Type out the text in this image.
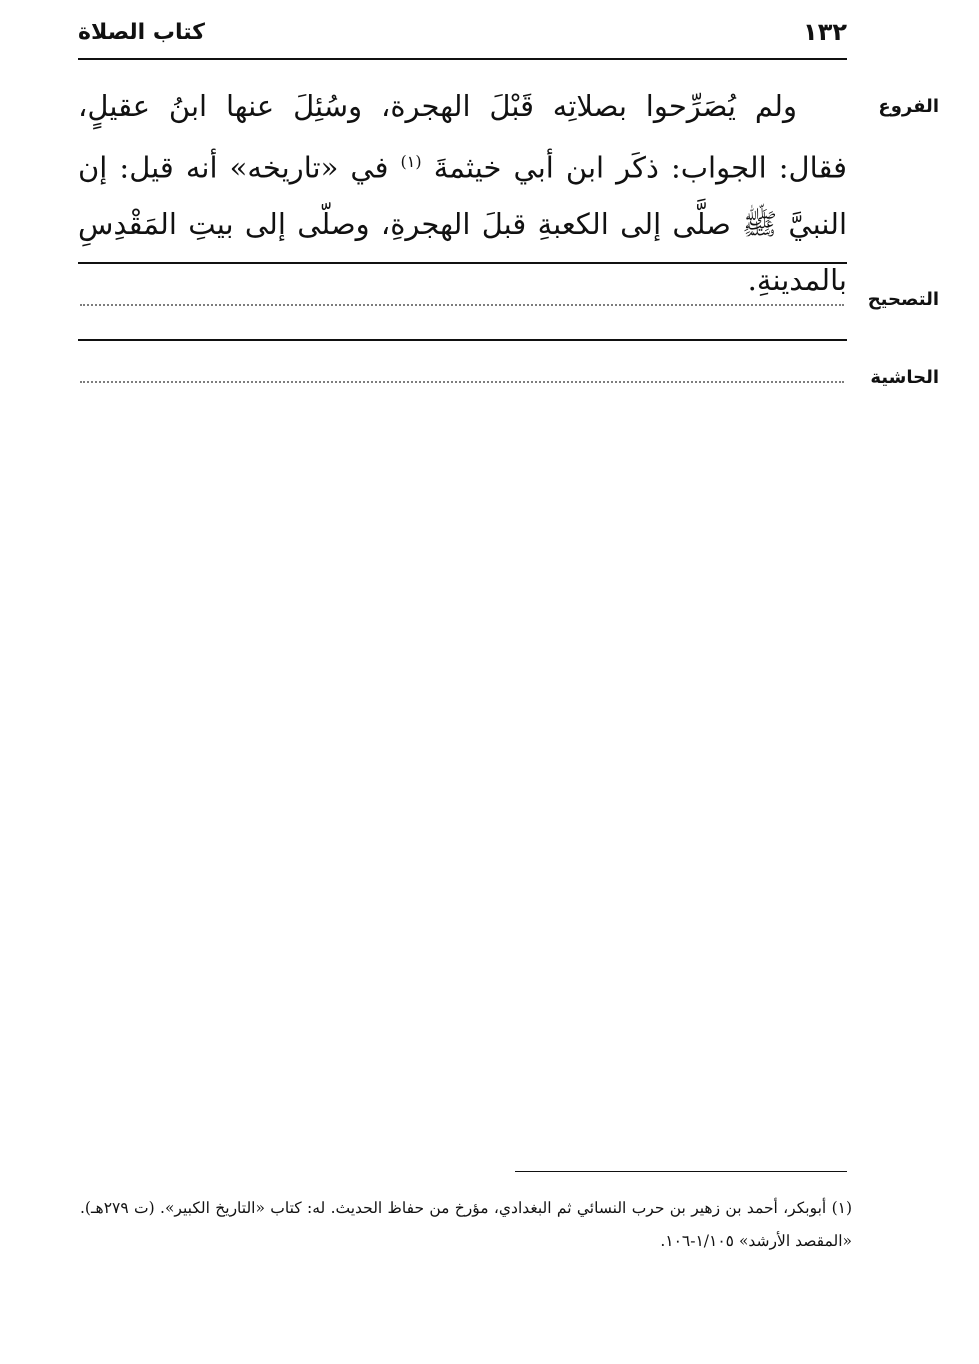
١٣٢
كتاب الصلاة
الفروع
ولم يُصَرِّحوا بصلاتِه قَبْلَ الهجرة، وسُئِلَ عنها ابنُ عقيلٍ، فقال: الجواب: ذكَر ابن أبي خيثمةَ $^{(١)}$ في «تاريخه» أنه قيل: إن النبيَّ ﷺ صلَّى إلى الكعبةِ قبلَ الهجرةِ، وصلّى إلى بيتِ المَقْدِسِ بالمدينةِ.
التصحيح
الحاشية
(١) أبوبكر، أحمد بن زهير بن حرب النسائي ثم البغدادي، مؤرخ من حفاظ الحديث. له: كتاب «التاريخ الكبير». (ت ٢٧٩هـ). «المقصد الأرشد» ١/١٠٥-١٠٦.
